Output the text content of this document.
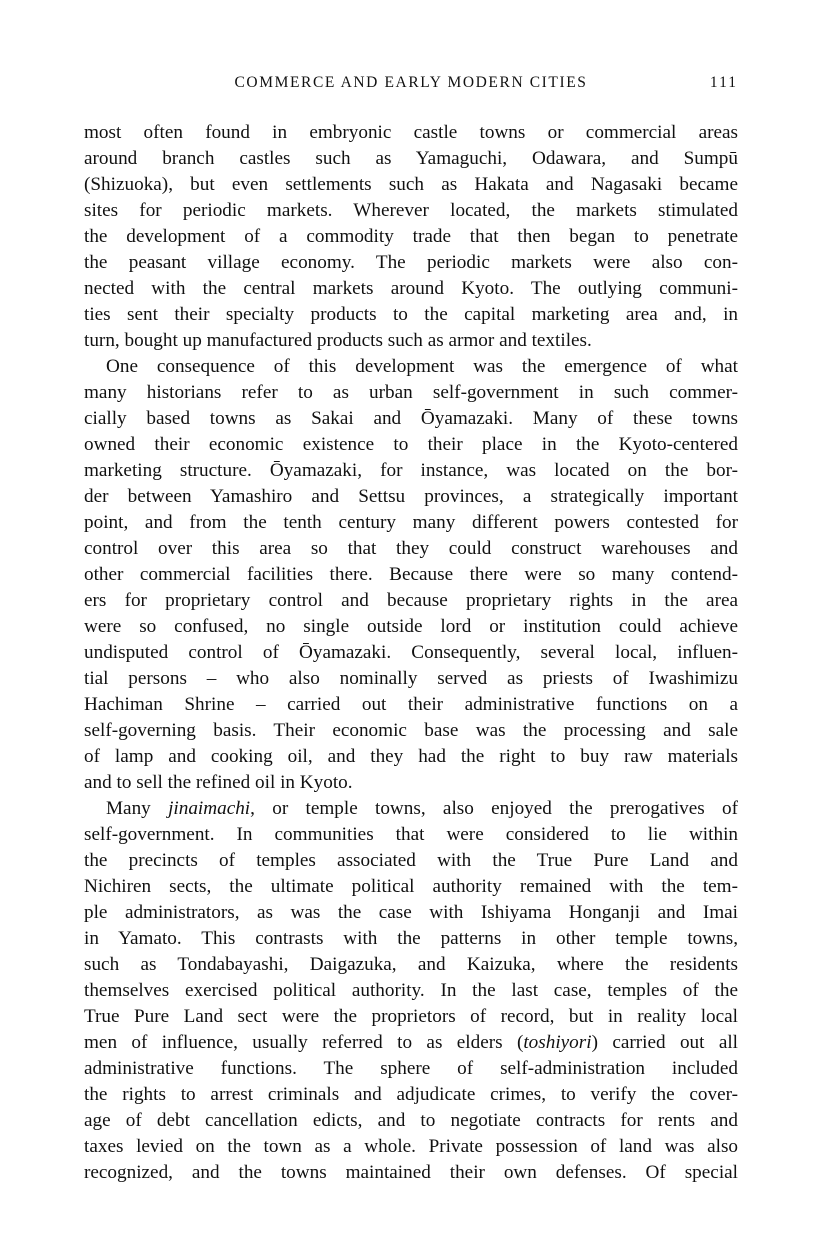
COMMERCE AND EARLY MODERN CITIES	111
most often found in embryonic castle towns or commercial areas
around branch castles such as Yamaguchi, Odawara, and Sumpū
(Shizuoka), but even settlements such as Hakata and Nagasaki became
sites for periodic markets. Wherever located, the markets stimulated
the development of a commodity trade that then began to penetrate
the peasant village economy. The periodic markets were also con-
nected with the central markets around Kyoto. The outlying communi-
ties sent their specialty products to the capital marketing area and, in
turn, bought up manufactured products such as armor and textiles.
One consequence of this development was the emergence of what
many historians refer to as urban self-government in such commer-
cially based towns as Sakai and Ōyamazaki. Many of these towns
owned their economic existence to their place in the Kyoto-centered
marketing structure. Ōyamazaki, for instance, was located on the bor-
der between Yamashiro and Settsu provinces, a strategically important
point, and from the tenth century many different powers contested for
control over this area so that they could construct warehouses and
other commercial facilities there. Because there were so many contend-
ers for proprietary control and because proprietary rights in the area
were so confused, no single outside lord or institution could achieve
undisputed control of Ōyamazaki. Consequently, several local, influen-
tial persons – who also nominally served as priests of Iwashimizu
Hachiman Shrine – carried out their administrative functions on a
self-governing basis. Their economic base was the processing and sale
of lamp and cooking oil, and they had the right to buy raw materials
and to sell the refined oil in Kyoto.
Many jinaimachi, or temple towns, also enjoyed the prerogatives of
self-government. In communities that were considered to lie within
the precincts of temples associated with the True Pure Land and
Nichiren sects, the ultimate political authority remained with the tem-
ple administrators, as was the case with Ishiyama Honganji and Imai
in Yamato. This contrasts with the patterns in other temple towns,
such as Tondabayashi, Daigazuka, and Kaizuka, where the residents
themselves exercised political authority. In the last case, temples of the
True Pure Land sect were the proprietors of record, but in reality local
men of influence, usually referred to as elders (toshiyori) carried out all
administrative functions. The sphere of self-administration included
the rights to arrest criminals and adjudicate crimes, to verify the cover-
age of debt cancellation edicts, and to negotiate contracts for rents and
taxes levied on the town as a whole. Private possession of land was also
recognized, and the towns maintained their own defenses. Of special
